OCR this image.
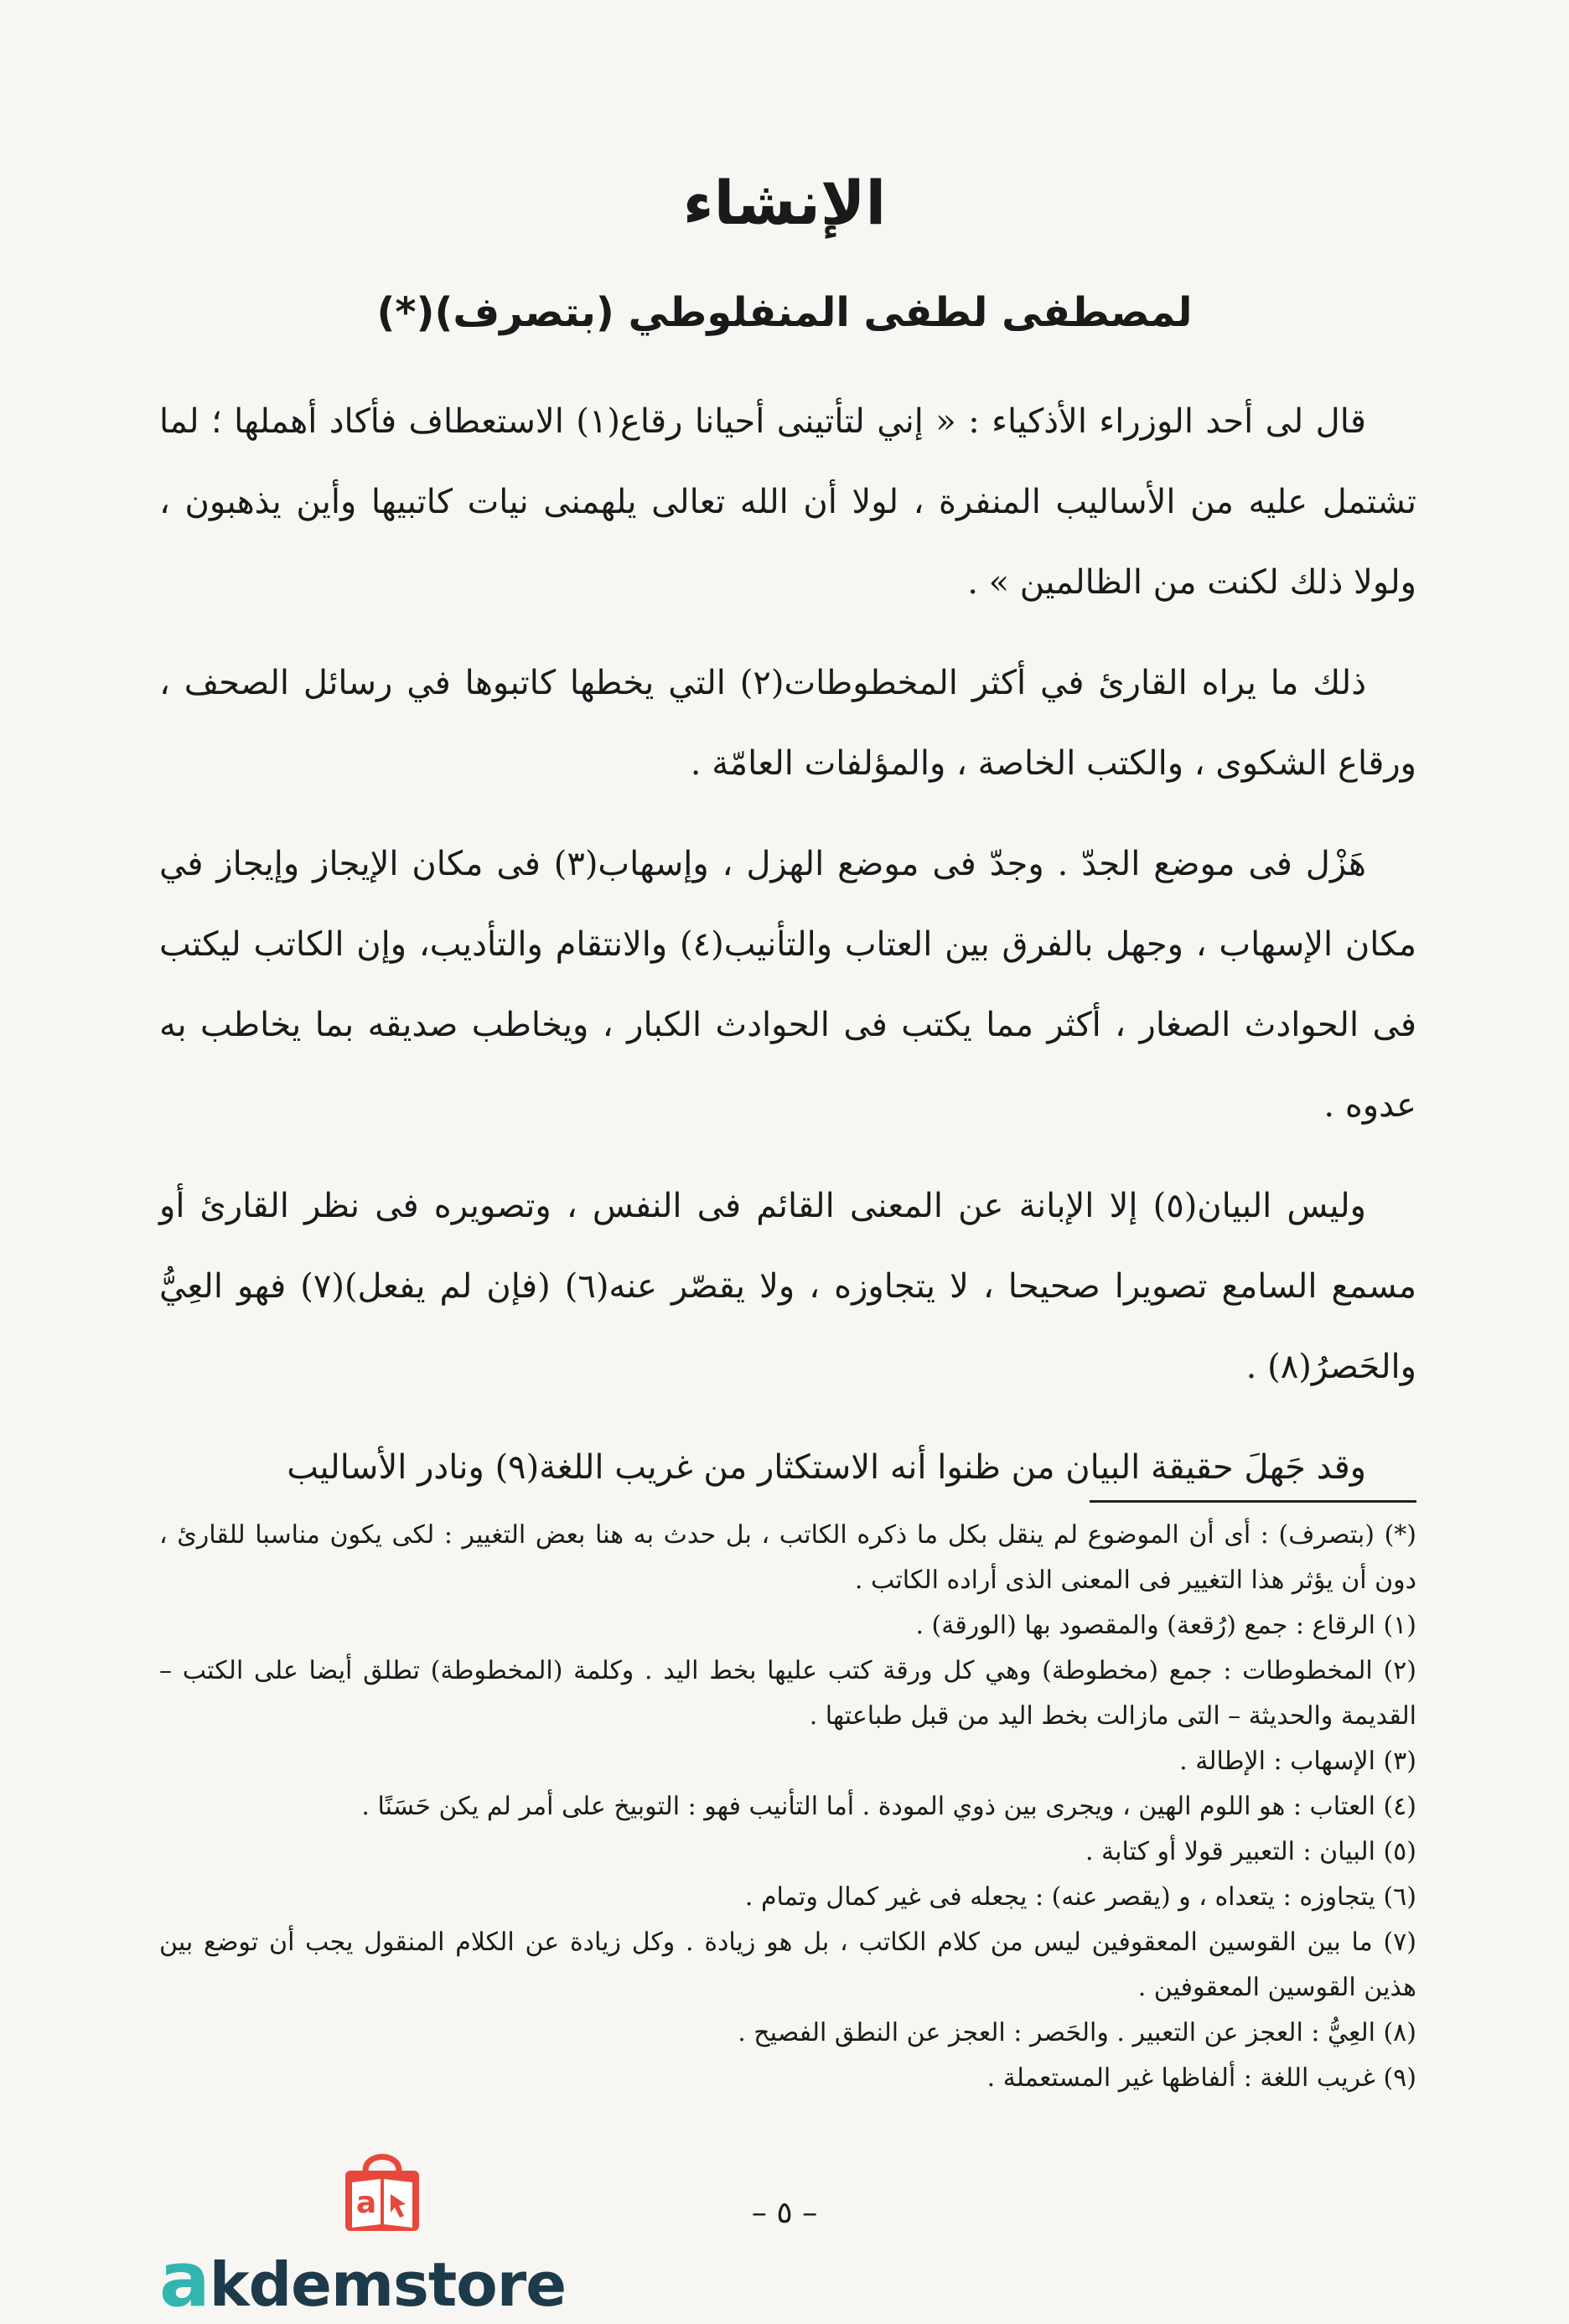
الإنشاء
لمصطفى لطفى المنفلوطي (بتصرف)(*)

قال لى أحد الوزراء الأذكياء : « إني لتأتينى أحيانا رقاع(١) الاستعطاف فأكاد أهملها ؛ لما تشتمل عليه من الأساليب المنفرة ، لولا أن الله تعالى يلهمنى نيات كاتبيها وأين يذهبون ، ولولا ذلك لكنت من الظالمين » .

ذلك ما يراه القارئ في أكثر المخطوطات(٢) التي يخطها كاتبوها في رسائل الصحف ، ورقاع الشكوى ، والكتب الخاصة ، والمؤلفات العامّة .

هَزْل فى موضع الجدّ . وجدّ فى موضع الهزل ، وإسهاب(٣) فى مكان الإيجاز وإيجاز في مكان الإسهاب ، وجهل بالفرق بين العتاب والتأنيب(٤) والانتقام والتأديب، وإن الكاتب ليكتب فى الحوادث الصغار ، أكثر مما يكتب فى الحوادث الكبار ، ويخاطب صديقه بما يخاطب به عدوه .

وليس البيان(٥) إلا الإبانة عن المعنى القائم فى النفس ، وتصويره فى نظر القارئ أو مسمع السامع تصويرا صحيحا ، لا يتجاوزه ، ولا يقصّر عنه(٦) (فإن لم يفعل)(٧) فهو العِيُّ والحَصرُ(٨) .

وقد جَهلَ حقيقة البيان من ظنوا أنه الاستكثار من غريب اللغة(٩) ونادر الأساليب

(*) (بتصرف) : أى أن الموضوع لم ينقل بكل ما ذكره الكاتب ، بل حدث به هنا بعض التغيير : لكى يكون مناسبا للقارئ ، دون أن يؤثر هذا التغيير فى المعنى الذى أراده الكاتب .
(١) الرقاع : جمع (رُقعة) والمقصود بها (الورقة) .
(٢) المخطوطات : جمع (مخطوطة) وهي كل ورقة كتب عليها بخط اليد . وكلمة (المخطوطة) تطلق أيضا على الكتب – القديمة والحديثة – التى مازالت بخط اليد من قبل طباعتها .
(٣) الإسهاب : الإطالة .
(٤) العتاب : هو اللوم الهين ، ويجرى بين ذوي المودة . أما التأنيب فهو : التوبيخ على أمر لم يكن حَسَنًا .
(٥) البيان : التعبير قولا أو كتابة .
(٦) يتجاوزه : يتعداه ، و (يقصر عنه) : يجعله فى غير كمال وتمام .
(٧) ما بين القوسين المعقوفين ليس من كلام الكاتب ، بل هو زيادة . وكل زيادة عن الكلام المنقول يجب أن توضع بين هذين القوسين المعقوفين .
(٨) العِيُّ : العجز عن التعبير . والحَصر : العجز عن النطق الفصيح .
(٩) غريب اللغة : ألفاظها غير المستعملة .
– ٥ –
a
akdemstore
